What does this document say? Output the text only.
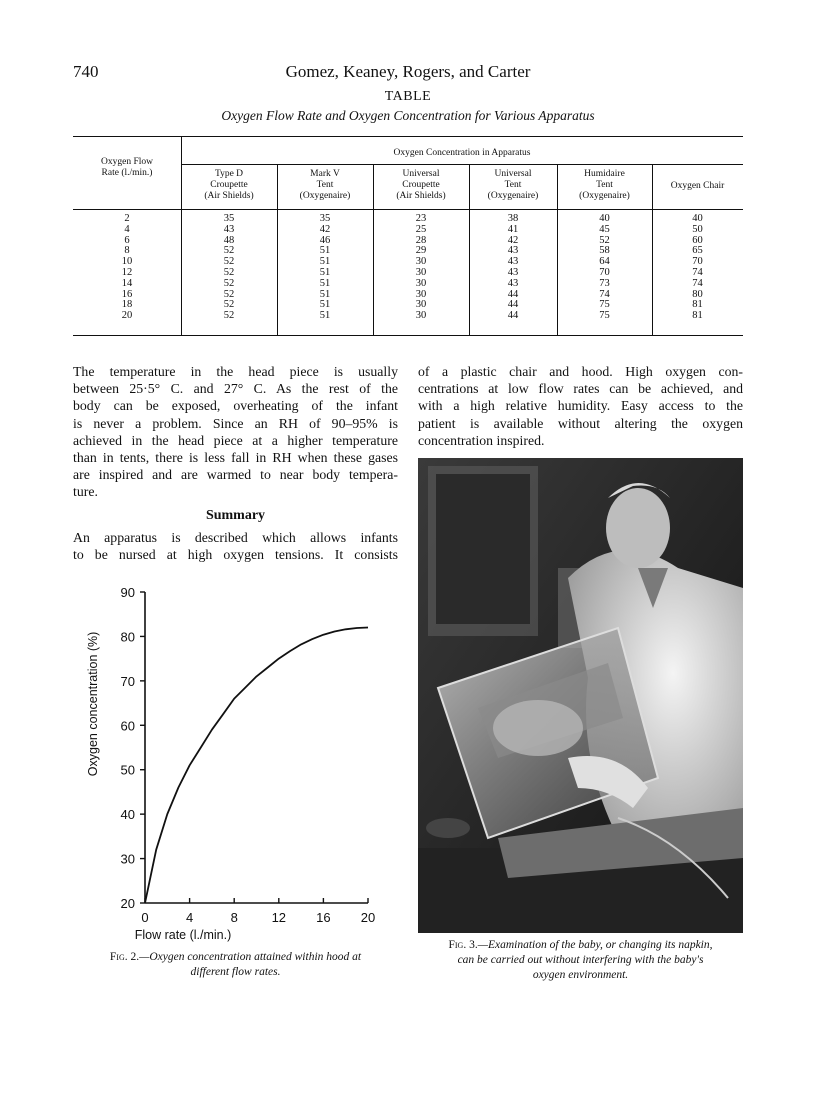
740	Gomez, Keaney, Rogers, and Carter
TABLE
Oxygen Flow Rate and Oxygen Concentration for Various Apparatus
Oxygen Flow
Rate (l./min.)
Oxygen Concentration in Apparatus
Type D
Croupette
(Air Shields)
Mark V
Tent
(Oxygenaire)
Universal
Croupette
(Air Shields)
Universal
Tent
(Oxygenaire)
Humidaire
Tent
(Oxygenaire)
Oxygen Chair
2	35	35	23	38	40	40
4	43	42	25	41	45	50
6	48	46	28	42	52	60
8	52	51	29	43	58	65
10	52	51	30	43	64	70
12	52	51	30	43	70	74
14	52	51	30	43	73	74
16	52	51	30	44	74	80
18	52	51	30	44	75	81
20	52	51	30	44	75	81
The temperature in the head piece is usually
between 25·5° C. and 27° C. As the rest of the
body can be exposed, overheating of the infant
is never a problem. Since an RH of 90–95% is
achieved in the head piece at a higher temperature
than in tents, there is less fall in RH when these gases
are inspired and are warmed to near body tempera-
ture.
Summary
An apparatus is described which allows infants
to be nursed at high oxygen tensions. It consists
of a plastic chair and hood. High oxygen con-
centrations at low flow rates can be achieved, and
with a high relative humidity. Easy access to the
patient is available without altering the oxygen
concentration inspired.
0	4	8	12 16 20
20
30
40
50
60
70
80
90
Flow rate (l./min.)
Oxygen concentration (%)
Fig. 2.—Oxygen concentration attained within hood at
different flow rates.
Fig. 3.—Examination of the baby, or changing its napkin,
can be carried out without interfering with the baby's
oxygen environment.
